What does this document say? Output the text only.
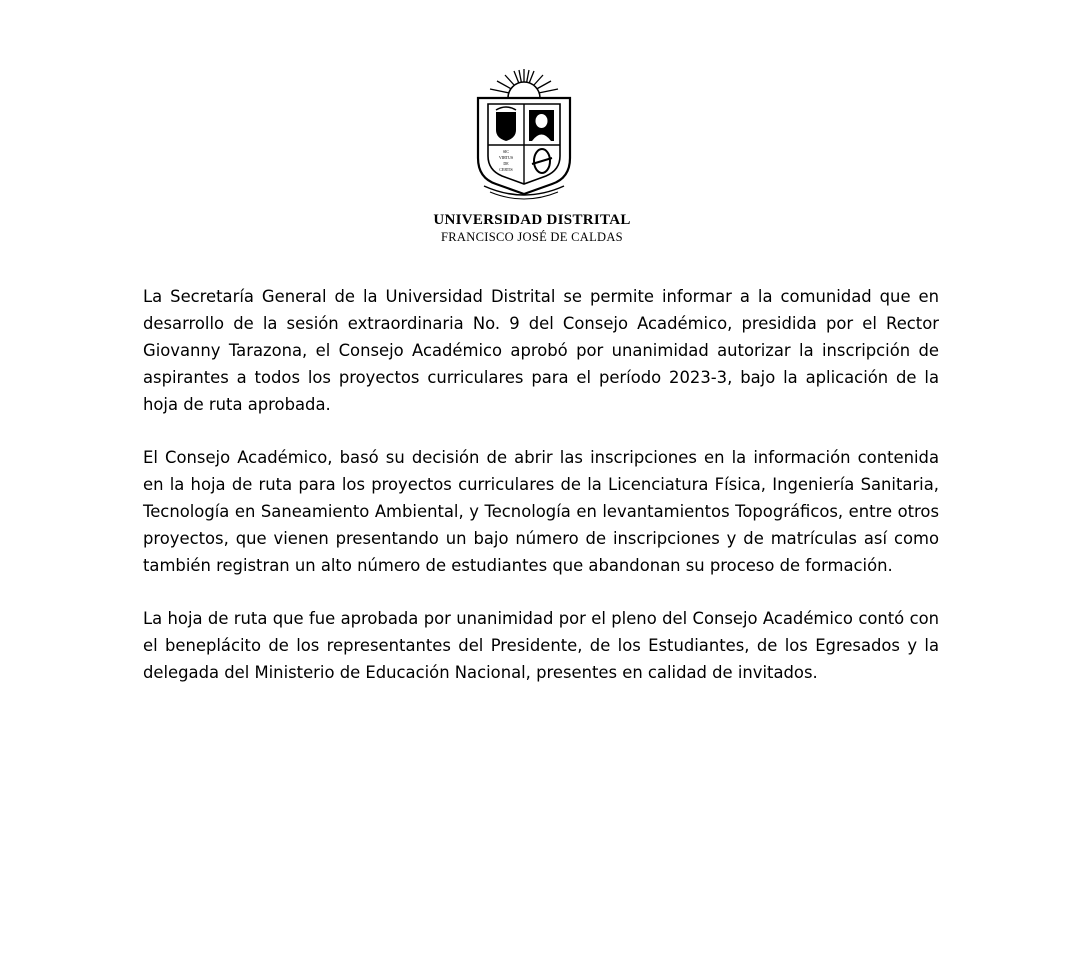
SIC
VIRTUS
DE
CERTIS
UNIVERSIDAD DISTRITAL
FRANCISCO JOSÉ DE CALDAS

La Secretaría General de la Universidad Distrital se permite informar a la comunidad que en desarrollo de la sesión extraordinaria No. 9 del Consejo Académico, presidida por el Rector Giovanny Tarazona, el Consejo Académico aprobó por unanimidad autorizar la inscripción de aspirantes a todos los proyectos curriculares para el período 2023-3, bajo la aplicación de la hoja de ruta aprobada.

El Consejo Académico, basó su decisión de abrir las inscripciones en la información contenida en la hoja de ruta para los proyectos curriculares de la Licenciatura Física, Ingeniería Sanitaria, Tecnología en Saneamiento Ambiental, y Tecnología en levantamientos Topográficos, entre otros proyectos, que vienen presentando un bajo número de inscripciones y de matrículas así como también registran un alto número de estudiantes que abandonan su proceso de formación.

La hoja de ruta que fue aprobada por unanimidad por el pleno del Consejo Académico contó con el beneplácito de los representantes del Presidente, de los Estudiantes, de los Egresados y la delegada del Ministerio de Educación Nacional, presentes en calidad de invitados.
